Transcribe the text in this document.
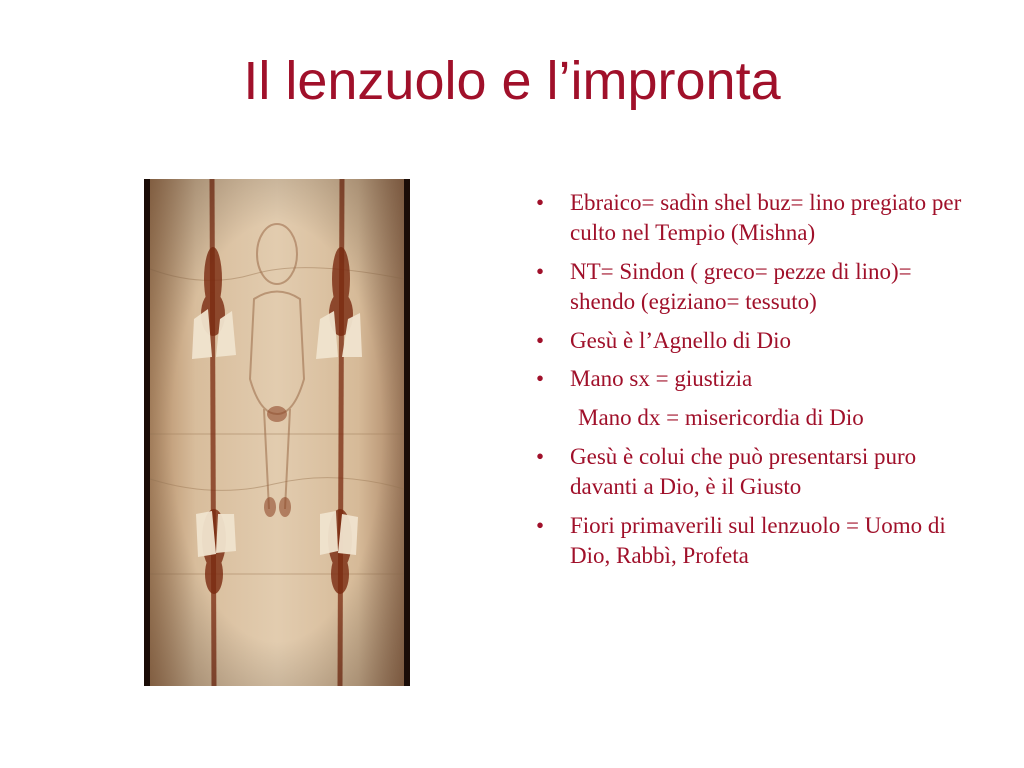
Il lenzuolo e l’impronta
• Ebraico= sadìn shel buz= lino pregiato per culto nel Tempio (Mishna)
• NT= Sindon ( greco= pezze di lino)= shendo (egiziano= tessuto)
• Gesù è l’Agnello di Dio
• Mano sx = giustizia
Mano dx = misericordia di Dio
• Gesù è colui che può presentarsi puro davanti a Dio, è il Giusto
• Fiori primaverili sul lenzuolo = Uomo di Dio, Rabbì, Profeta
